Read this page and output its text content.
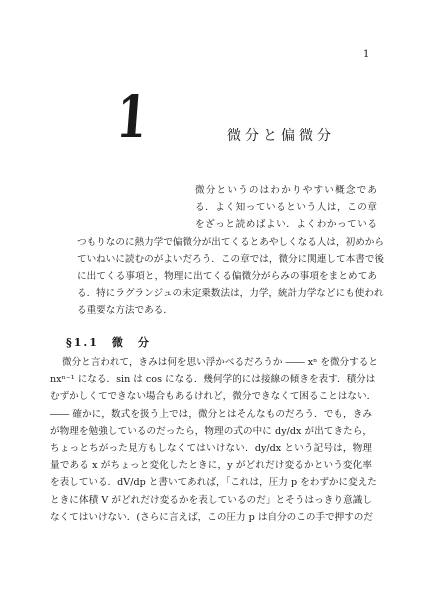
1
1	微分と偏微分
微分というのはわかりやすい概念であ
る．よく知っているという人は，この章
をざっと読めばよい．よくわかっている
つもりなのに熱力学で偏微分が出てくるとあやしくなる人は，初めから
ていねいに読むのがよいだろう．この章では，微分に関連して本書で後
に出てくる事項と，物理に出てくる偏微分がらみの事項をまとめてあ
る．特にラグランジュの未定乗数法は，力学，統計力学などにも使われ
る重要な方法である．
§1.1　微　分
微分と言われて，きみは何を思い浮かべるだろうか ―― xⁿ を微分すると
nxⁿ⁻¹ になる．sin は cos になる．幾何学的には接線の傾きを表す．積分は
むずかしくてできない場合もあるけれど，微分できなくて困ることはない．
―― 確かに，数式を扱う上では，微分とはそんなものだろう．でも，きみ
が物理を勉強しているのだったら，物理の式の中に dy/dx が出てきたら，
ちょっとちがった見方もしなくてはいけない．dy/dx という記号は，物理
量である x がちょっと変化したときに，y がどれだけ変るかという変化率
を表している．dV/dp と書いてあれば，「これは，圧力 p をわずかに変えた
ときに体積 V がどれだけ変るかを表しているのだ」とそうはっきり意識し
なくてはいけない．(さらに言えば，この圧力 p は自分のこの手で押すのだ
